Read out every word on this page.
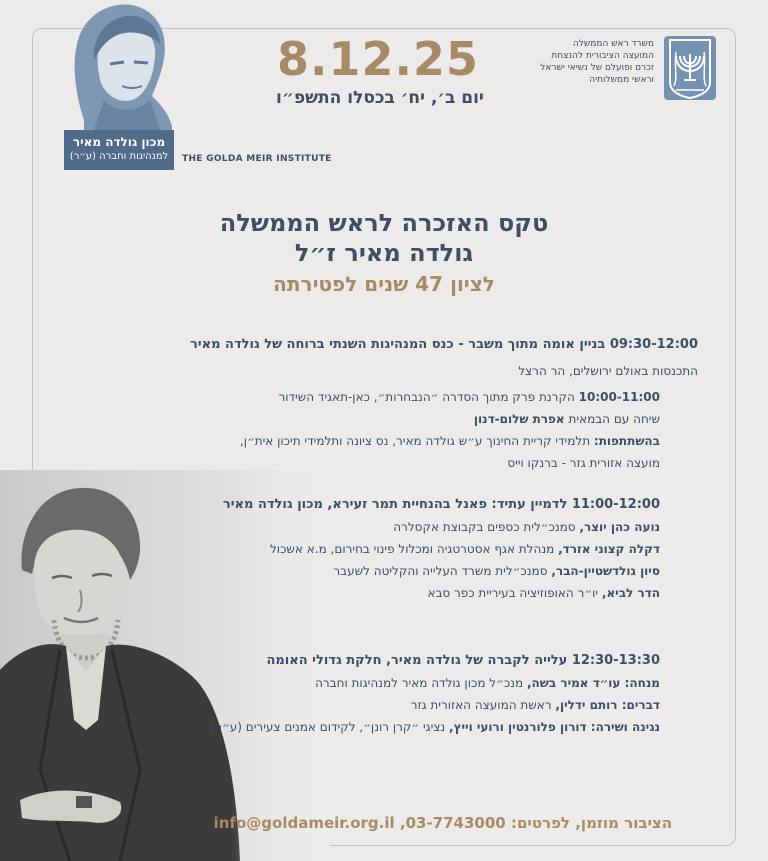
מכון גולדה מאיר
למנהיגות וחברה (ע״ר)	THE GOLDA MEIR INSTITUTE
8.12.25
יום ב׳, יח׳ בכסלו התשפ״ו
משרד ראש הממשלה
המועצה הציבורית להנצחת
זכרם ופועלם של נשיאי ישראל
וראשי ממשלותיה
טקס האזכרה לראש הממשלה
גולדה מאיר ז״ל
לציון 47 שנים לפטירתה
09:30-12:00 בניין אומה מתוך משבר - כנס המנהיגות השנתי ברוחה של גולדה מאיר
התכנסות באולם ירושלים, הר הרצל
10:00-11:00 הקרנת פרק מתוך הסדרה ״הנבחרות״, כאן-תאגיד השידור
שיחה עם הבמאית אפרת שלום-דנון
בהשתתפות: תלמידי קריית החינוך ע״ש גולדה מאיר, נס ציונה ותלמידי תיכון אית״ן,
מועצה אזורית גזר - ברנקו וייס
11:00-12:00 לדמיין עתיד: פאנל בהנחיית תמר זעירא, מכון גולדה מאיר
נועה כהן יוצר, סמנכ״לית כספים בקבוצת אקסלרה
דקלה קצוני אזרד, מנהלת אגף אסטרטגיה ומכלול פינוי בחירום, מ.א אשכול
סיון גולדשטיין-הבר, סמנכ״לית משרד העלייה והקליטה לשעבר
הדר לביא, יו״ר האופוזיציה בעיריית כפר סבא
12:30-13:30 עלייה לקברה של גולדה מאיר, חלקת גדולי האומה
מנחה: עו״ד אמיר בשה, מנכ״ל מכון גולדה מאיר למנהיגות וחברה
דברים: רותם ידלין, ראשת המועצה האזורית גזר
נגינה ושירה: דורון פלורנטין ורועי וייץ, נציגי ״קרן רונן״, לקידום אמנים צעירים (ע״ר)
הציבור מוזמן, לפרטים: 03-7743000, info@goldameir.org.il
